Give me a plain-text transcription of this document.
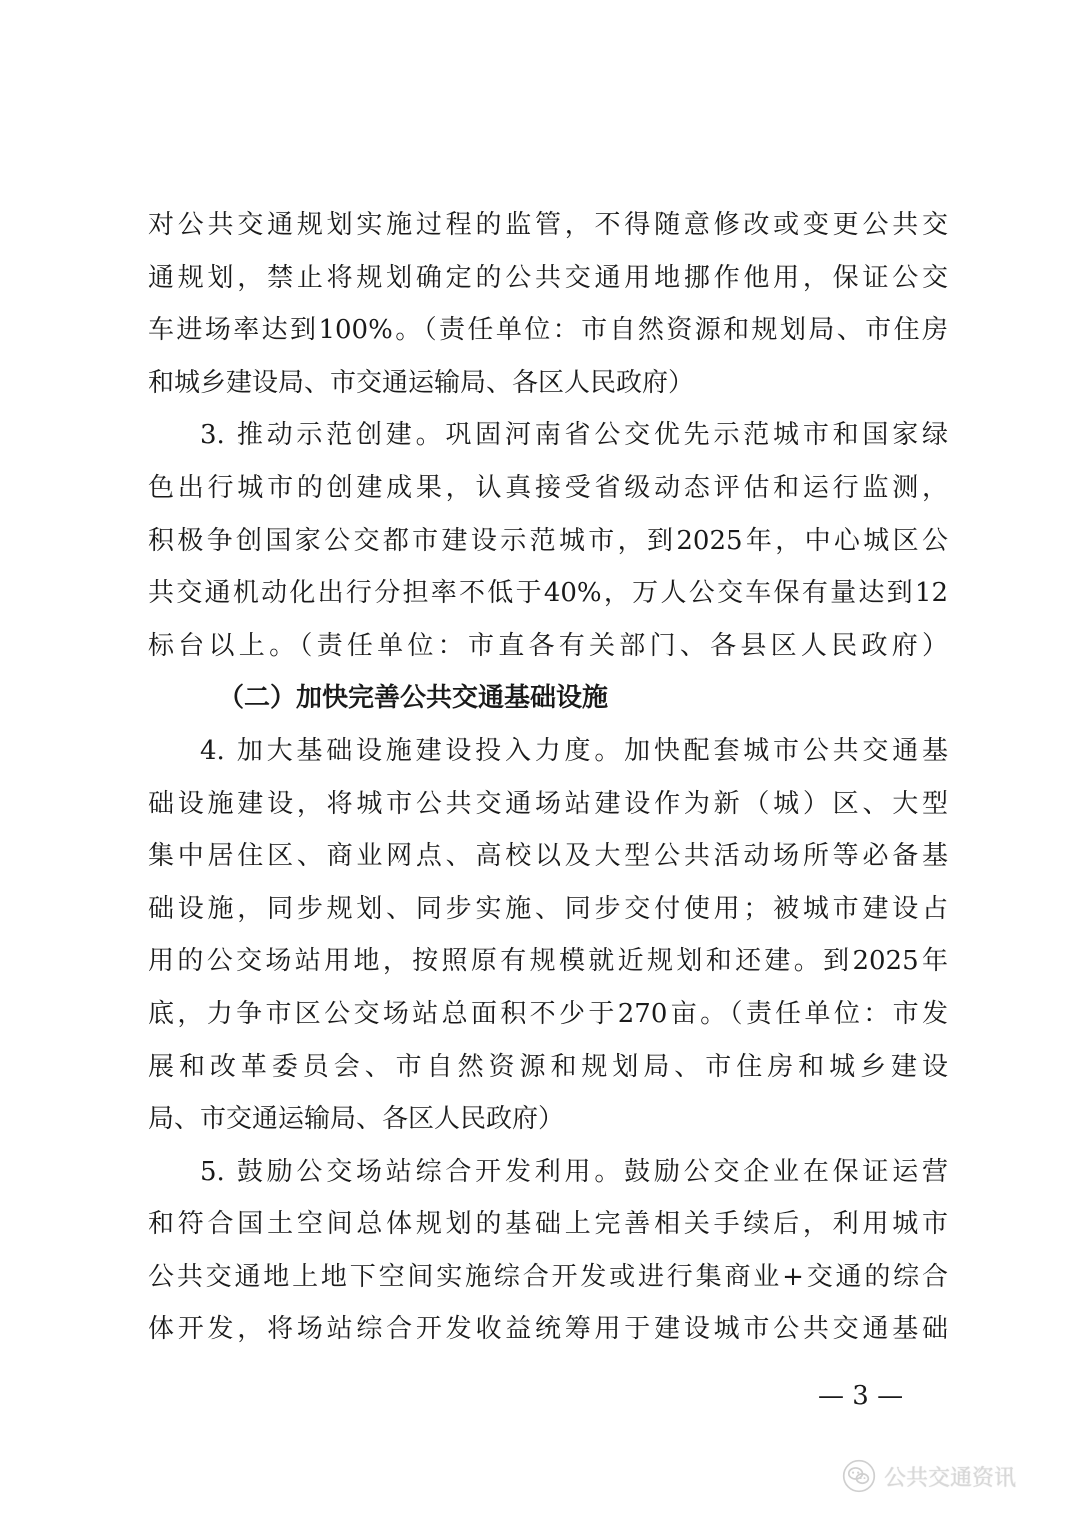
对公共交通规划实施过程的监管，不得随意修改或变更公共交
通规划，禁止将规划确定的公共交通用地挪作他用，保证公交
车进场率达到100%。（责任单位：市自然资源和规划局、市住房
和城乡建设局、市交通运输局、各区人民政府）
3. 推动示范创建。巩固河南省公交优先示范城市和国家绿
色出行城市的创建成果，认真接受省级动态评估和运行监测，
积极争创国家公交都市建设示范城市，到2025年，中心城区公
共交通机动化出行分担率不低于40%，万人公交车保有量达到12
标台以上。（责任单位：市直各有关部门、各县区人民政府）
（二）加快完善公共交通基础设施
4. 加大基础设施建设投入力度。加快配套城市公共交通基
础设施建设，将城市公共交通场站建设作为新（城）区、大型
集中居住区、商业网点、高校以及大型公共活动场所等必备基
础设施，同步规划、同步实施、同步交付使用；被城市建设占
用的公交场站用地，按照原有规模就近规划和还建。到2025年
底，力争市区公交场站总面积不少于270亩。（责任单位：市发
展和改革委员会、市自然资源和规划局、市住房和城乡建设
局、市交通运输局、各区人民政府）
5. 鼓励公交场站综合开发利用。鼓励公交企业在保证运营
和符合国土空间总体规划的基础上完善相关手续后，利用城市
公共交通地上地下空间实施综合开发或进行集商业+交通的综合
体开发，将场站综合开发收益统筹用于建设城市公共交通基础
— 3 —
公共交通资讯
